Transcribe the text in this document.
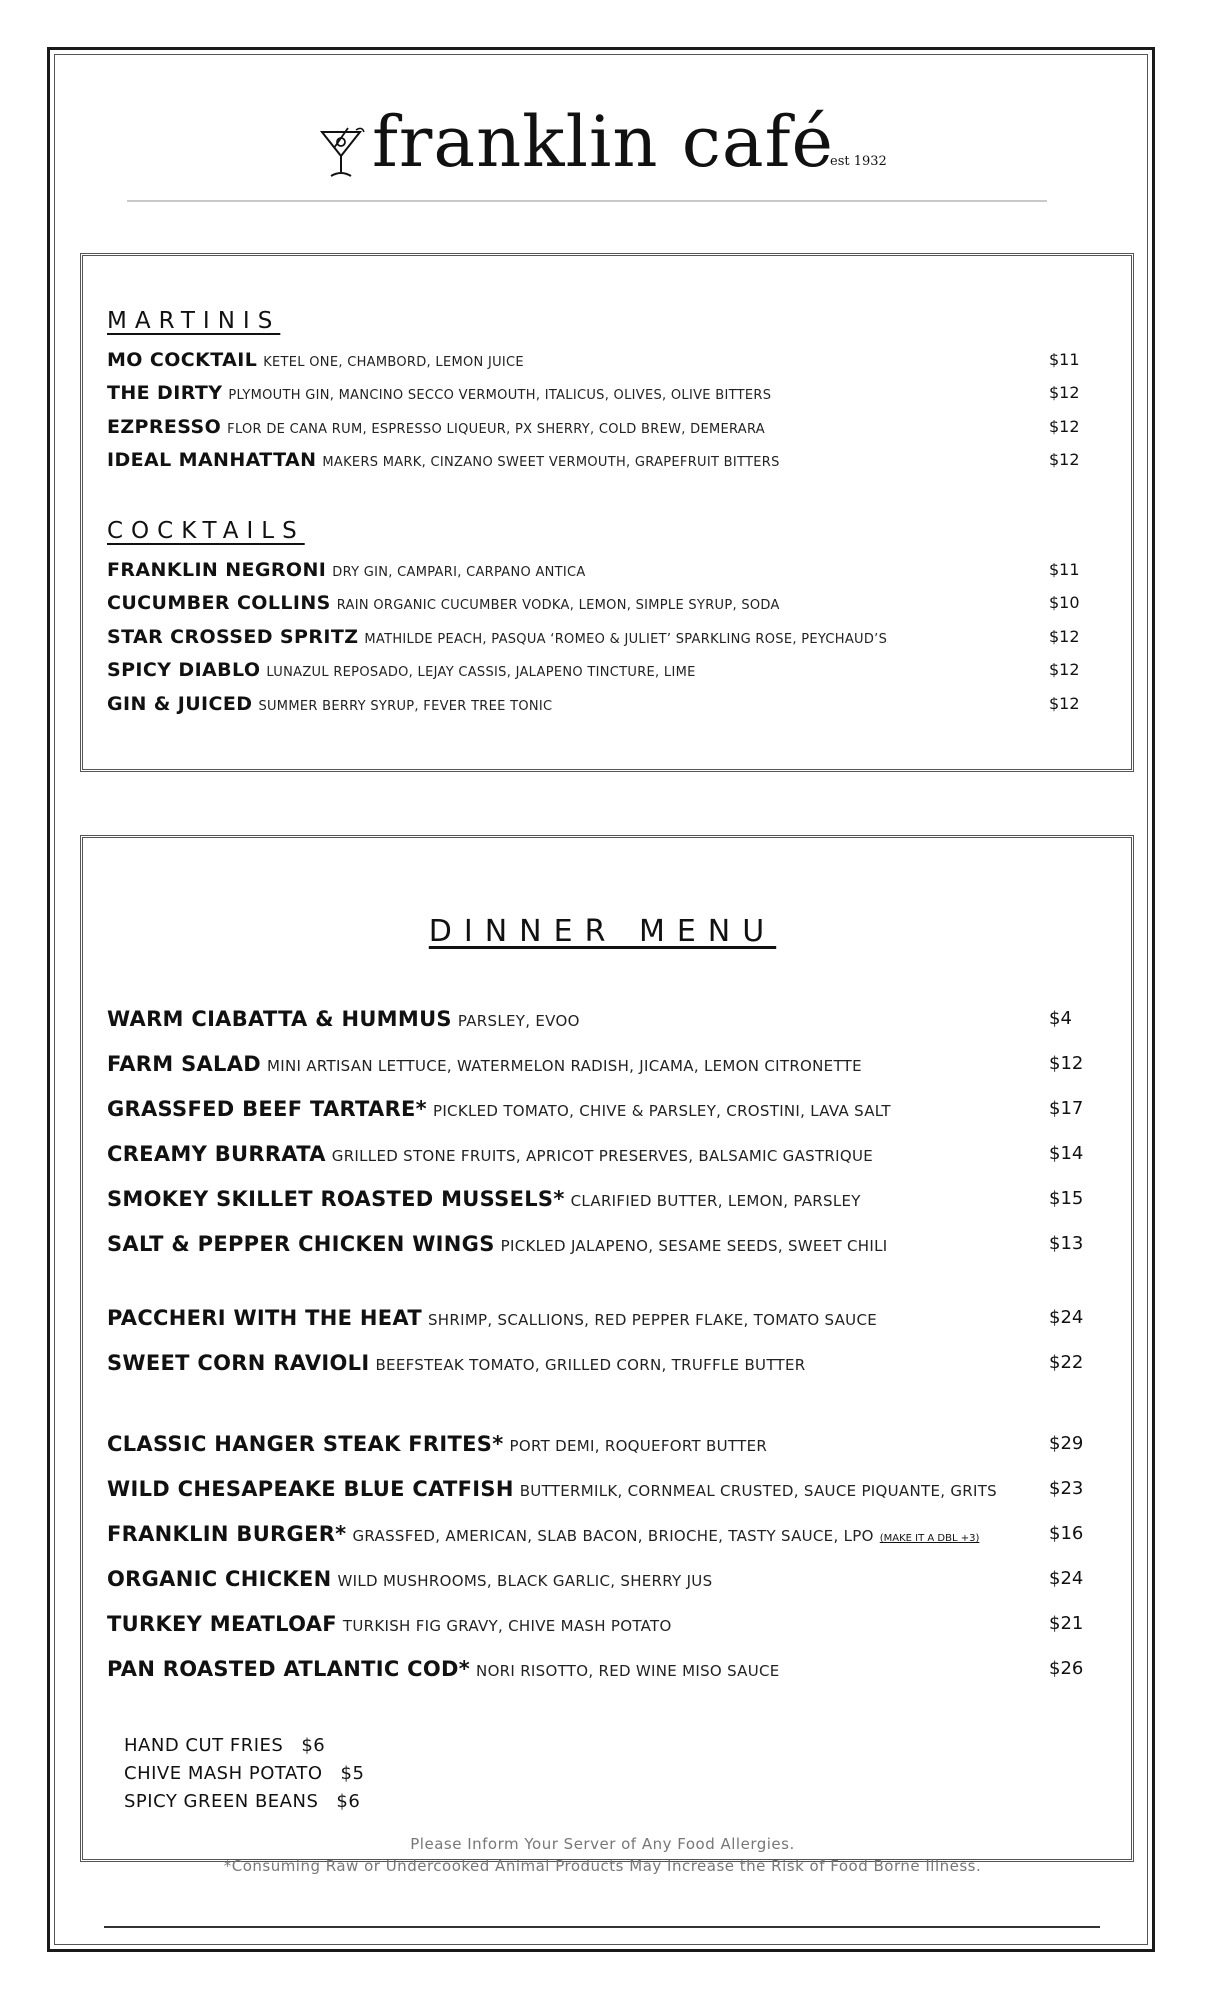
franklin café
est 1932
MARTINIS
MO COCKTAIL KETEL ONE, CHAMBORD, LEMON JUICE	$11
THE DIRTY PLYMOUTH GIN, MANCINO SECCO VERMOUTH, ITALICUS, OLIVES, OLIVE BITTERS	$12
EZPRESSO FLOR DE CANA RUM, ESPRESSO LIQUEUR, PX SHERRY, COLD BREW, DEMERARA	$12
IDEAL MANHATTAN MAKERS MARK, CINZANO SWEET VERMOUTH, GRAPEFRUIT BITTERS	$12
COCKTAILS
FRANKLIN NEGRONI DRY GIN, CAMPARI, CARPANO ANTICA	$11
CUCUMBER COLLINS RAIN ORGANIC CUCUMBER VODKA, LEMON, SIMPLE SYRUP, SODA	$10
STAR CROSSED SPRITZ MATHILDE PEACH, PASQUA ‘ROMEO & JULIET’ SPARKLING ROSE, PEYCHAUD’S	$12
SPICY DIABLO LUNAZUL REPOSADO, LEJAY CASSIS, JALAPENO TINCTURE, LIME	$12
GIN & JUICED SUMMER BERRY SYRUP, FEVER TREE TONIC	$12
DINNER MENU
WARM CIABATTA & HUMMUS PARSLEY, EVOO	$4
FARM SALAD MINI ARTISAN LETTUCE, WATERMELON RADISH, JICAMA, LEMON CITRONETTE	$12
GRASSFED BEEF TARTARE* PICKLED TOMATO, CHIVE & PARSLEY, CROSTINI, LAVA SALT	$17
CREAMY BURRATA GRILLED STONE FRUITS, APRICOT PRESERVES, BALSAMIC GASTRIQUE	$14
SMOKEY SKILLET ROASTED MUSSELS* CLARIFIED BUTTER, LEMON, PARSLEY	$15
SALT & PEPPER CHICKEN WINGS PICKLED JALAPENO, SESAME SEEDS, SWEET CHILI	$13
PACCHERI WITH THE HEAT SHRIMP, SCALLIONS, RED PEPPER FLAKE, TOMATO SAUCE	$24
SWEET CORN RAVIOLI BEEFSTEAK TOMATO, GRILLED CORN, TRUFFLE BUTTER	$22
CLASSIC HANGER STEAK FRITES* PORT DEMI, ROQUEFORT BUTTER	$29
WILD CHESAPEAKE BLUE CATFISH BUTTERMILK, CORNMEAL CRUSTED, SAUCE PIQUANTE, GRITS	$23
FRANKLIN BURGER* GRASSFED, AMERICAN, SLAB BACON, BRIOCHE, TASTY SAUCE, LPO (MAKE IT A DBL +3)	$16
ORGANIC CHICKEN WILD MUSHROOMS, BLACK GARLIC, SHERRY JUS	$24
TURKEY MEATLOAF TURKISH FIG GRAVY, CHIVE MASH POTATO	$21
PAN ROASTED ATLANTIC COD* NORI RISOTTO, RED WINE MISO SAUCE	$26
HAND CUT FRIES $6
CHIVE MASH POTATO $5
SPICY GREEN BEANS $6
Please Inform Your Server of Any Food Allergies.
*Consuming Raw or Undercooked Animal Products May Increase the Risk of Food Borne Illness.
